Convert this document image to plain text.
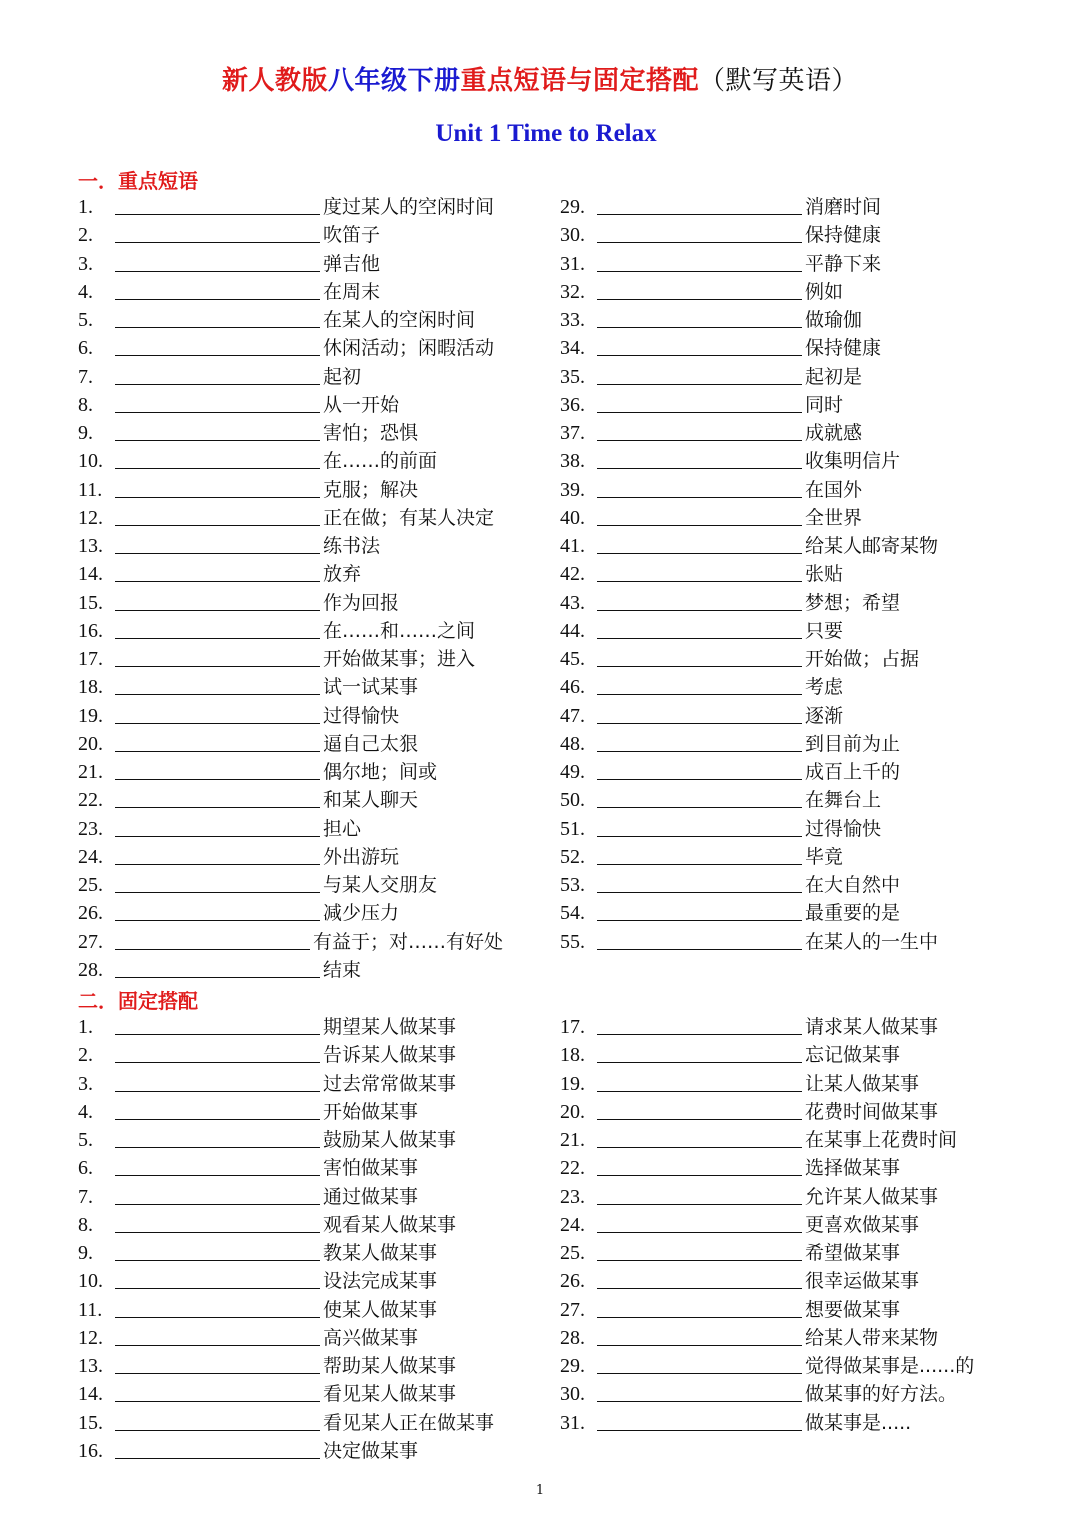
新人教版八年级下册重点短语与固定搭配（默写英语）
Unit 1 Time to Relax
一．重点短语
1.	度过某人的空闲时间
2.	吹笛子
3.	弹吉他
4.	在周末
5.	在某人的空闲时间
6.	休闲活动；闲暇活动
7.	起初
8.	从一开始
9.	害怕；恐惧
10.	在……的前面
11.	克服；解决
12.	正在做；有某人决定
13.	练书法
14.	放弃
15.	作为回报
16.	在……和……之间
17.	开始做某事；进入
18.	试一试某事
19.	过得愉快
20.	逼自己太狠
21.	偶尔地；间或
22.	和某人聊天
23.	担心
24.	外出游玩
25.	与某人交朋友
26.	减少压力
27.	有益于；对……有好处
28.	结束
29.	消磨时间
30.	保持健康
31.	平静下来
32.	例如
33.	做瑜伽
34.	保持健康
35.	起初是
36.	同时
37.	成就感
38.	收集明信片
39.	在国外
40.	全世界
41.	给某人邮寄某物
42.	张贴
43.	梦想；希望
44.	只要
45.	开始做；占据
46.	考虑
47.	逐渐
48.	到目前为止
49.	成百上千的
50.	在舞台上
51.	过得愉快
52.	毕竟
53.	在大自然中
54.	最重要的是
55.	在某人的一生中
二．固定搭配
1.	期望某人做某事
2.	告诉某人做某事
3.	过去常常做某事
4.	开始做某事
5.	鼓励某人做某事
6.	害怕做某事
7.	通过做某事
8.	观看某人做某事
9.	教某人做某事
10.	设法完成某事
11.	使某人做某事
12.	高兴做某事
13.	帮助某人做某事
14.	看见某人做某事
15.	看见某人正在做某事
16.	决定做某事
17.	请求某人做某事
18.	忘记做某事
19.	让某人做某事
20.	花费时间做某事
21.	在某事上花费时间
22.	选择做某事
23.	允许某人做某事
24.	更喜欢做某事
25.	希望做某事
26.	很幸运做某事
27.	想要做某事
28.	给某人带来某物
29.	觉得做某事是......的
30.	做某事的好方法。
31.	做某事是.....
1
